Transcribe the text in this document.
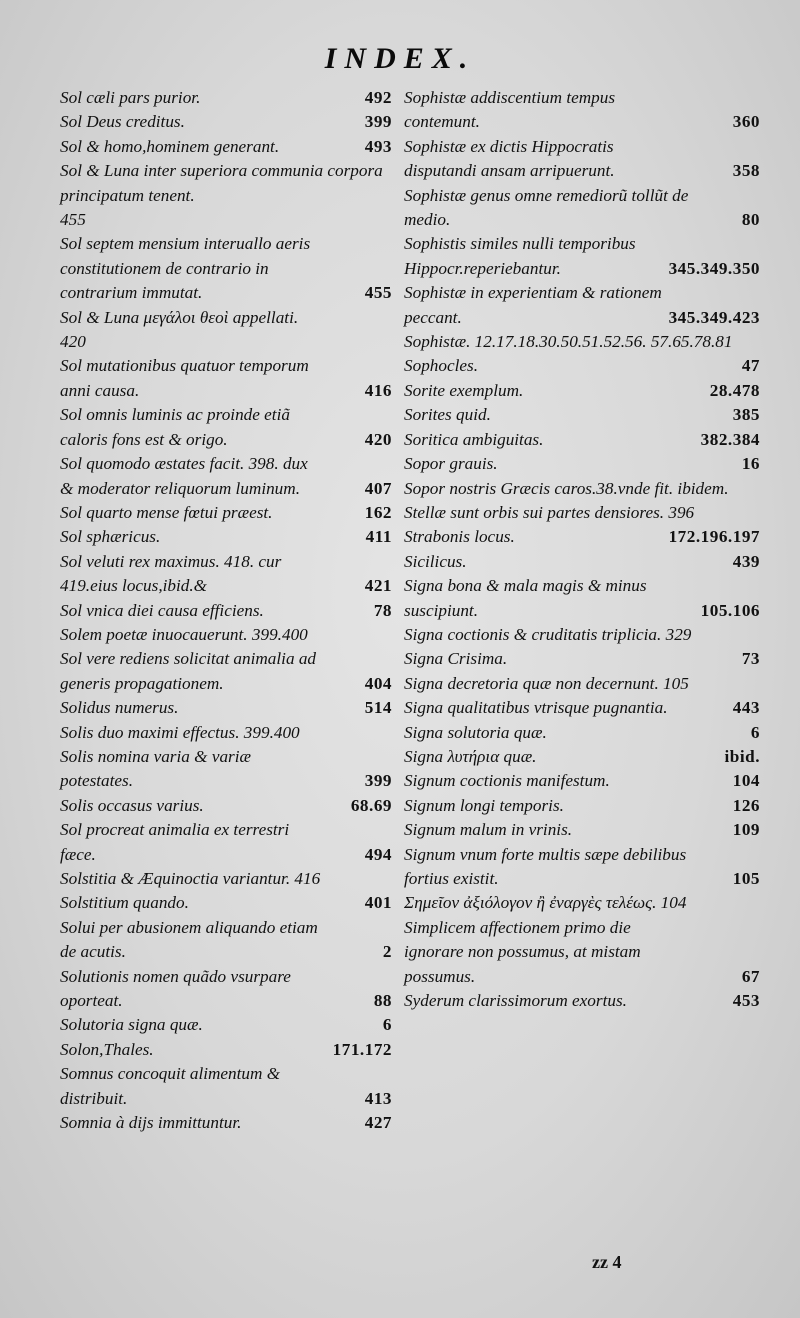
INDEX.
Sol cæli pars purior.	492
Sol Deus creditus.	399
Sol & homo,hominem generant.	493
Sol & Luna inter superiora communia corpora principatum tenent.
455
Sol septem mensium interuallo aeris constitutionem de contrario in contrarium immutat.	455
Sol & Luna μεγάλοι θεοὶ appellati.
420
Sol mutationibus quatuor temporum anni causa.	416
Sol omnis luminis ac proinde etiã caloris fons est & origo.	420
Sol quomodo æstates facit. 398. dux & moderator reliquorum luminum.	407
Sol quarto mense fœtui præest.	162
Sol sphæricus.	411
Sol veluti rex maximus. 418. cur 419.eius locus,ibid.&	421
Sol vnica diei causa efficiens.	78
Solem poetæ inuocauerunt. 399.400
Sol vere rediens solicitat animalia ad generis propagationem.	404
Solidus numerus.	514
Solis duo maximi effectus. 399.400
Solis nomina varia & variæ potestates.	399
Solis occasus varius.	68.69
Sol procreat animalia ex terrestri fæce.	494
Solstitia & Æquinoctia variantur. 416
Solstitium quando.	401
Solui per abusionem aliquando etiam de acutis.	2
Solutionis nomen quãdo vsurpare oporteat.	88
Solutoria signa quæ.	6
Solon,Thales.	171.172
Somnus concoquit alimentum & distribuit.	413
Somnia à dijs immittuntur.	427
Sophistæ addiscentium tempus contemunt.	360
Sophistæ ex dictis Hippocratis disputandi ansam arripuerunt.	358
Sophistæ genus omne remediorũ tollũt de medio.	80
Sophistis similes nulli temporibus Hippocr.reperiebantur.	345.349.350
Sophistæ in experientiam & rationem peccant.	345.349.423
Sophistæ. 12.17.18.30.50.51.52.56. 57.65.78.81
Sophocles.	47
Sorite exemplum.	28.478
Sorites quid.	385
Soritica ambiguitas.	382.384
Sopor grauis.	16
Sopor nostris Græcis caros.38.vnde fit. ibidem.
Stellæ sunt orbis sui partes densiores. 396
Strabonis locus.	172.196.197
Sicilicus.	439
Signa bona & mala magis & minus suscipiunt.	105.106
Signa coctionis & cruditatis triplicia. 329
Signa Crisima.	73
Signa decretoria quæ non decernunt. 105
Signa qualitatibus vtrisque pugnantia.	443
Signa solutoria quæ.	6
Signa λυτήρια quæ.	ibid.
Signum coctionis manifestum.	104
Signum longi temporis.	126
Signum malum in vrinis.	109
Signum vnum forte multis sæpe debilibus fortius existit.	105
Σημεῖον ἀξιόλογον ἢ ἐναργὲς τελέως. 104
Simplicem affectionem primo die ignorare non possumus, at mistam possumus.	67
Syderum clarissimorum exortus.	453
zz 4
